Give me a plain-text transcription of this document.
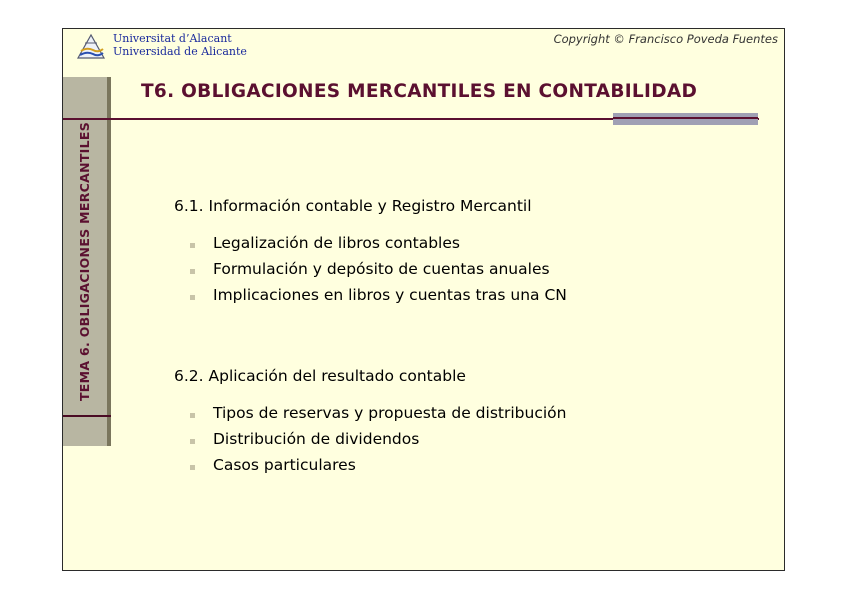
TEMA 6. OBLIGACIONES MERCANTILES
Universitat d’Alacant
Universidad de Alicante
Copyright © Francisco Poveda Fuentes
T6. OBLIGACIONES MERCANTILES EN CONTABILIDAD
6.1. Información contable y Registro Mercantil
Legalización de libros contables
Formulación y depósito de cuentas anuales
Implicaciones en libros y cuentas tras una CN
6.2. Aplicación del resultado contable
Tipos de reservas y propuesta de distribución
Distribución de dividendos
Casos particulares
